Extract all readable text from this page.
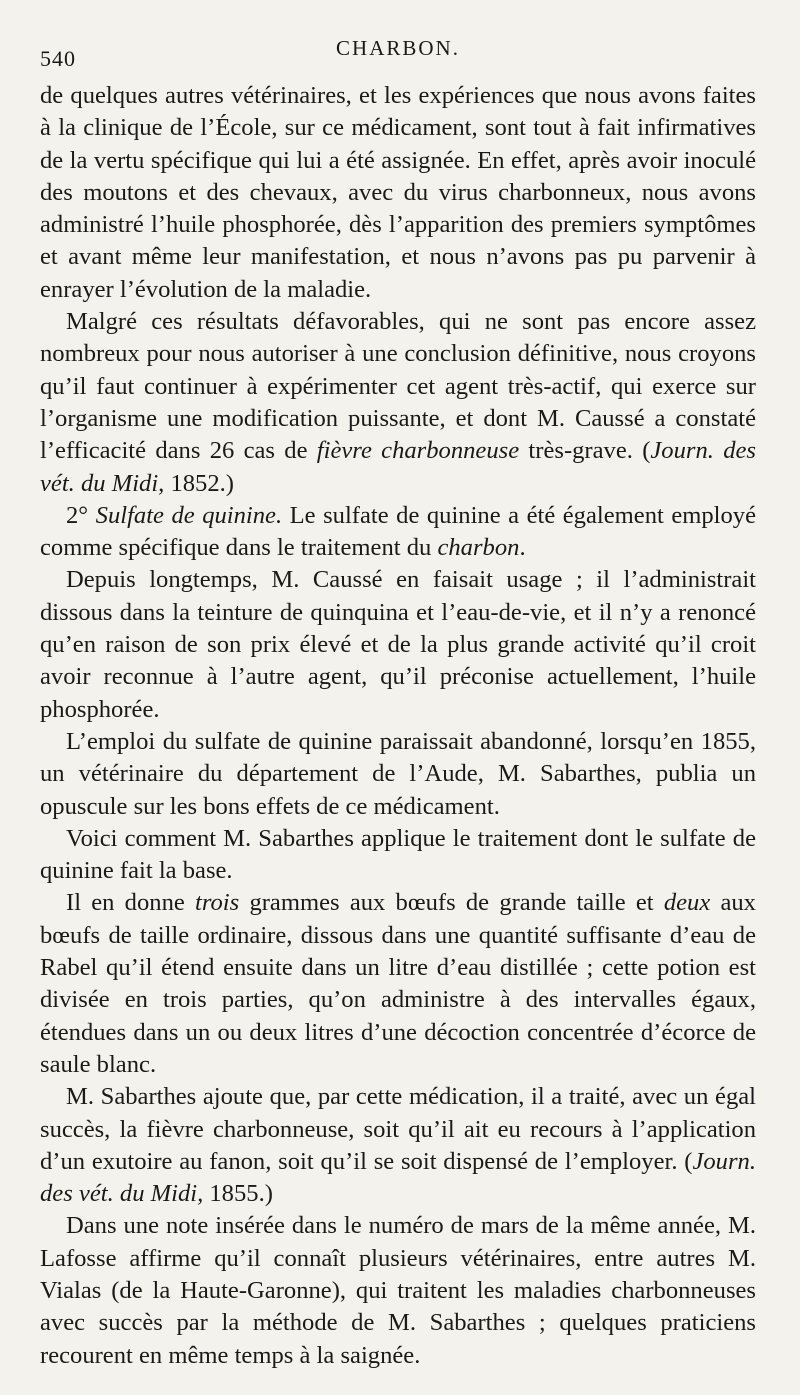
540	CHARBON.

de quelques autres vétérinaires, et les expériences que nous avons faites à la clinique de l’École, sur ce médicament, sont tout à fait infirmatives de la vertu spécifique qui lui a été assignée. En effet, après avoir inoculé des moutons et des chevaux, avec du virus charbonneux, nous avons administré l’huile phosphorée, dès l’apparition des premiers symptômes et avant même leur manifestation, et nous n’avons pas pu parvenir à enrayer l’évolution de la maladie.

Malgré ces résultats défavorables, qui ne sont pas encore assez nombreux pour nous autoriser à une conclusion définitive, nous croyons qu’il faut continuer à expérimenter cet agent très-actif, qui exerce sur l’organisme une modification puissante, et dont M. Caussé a constaté l’efficacité dans 26 cas de fièvre charbonneuse très-grave. (Journ. des vét. du Midi, 1852.)

2° Sulfate de quinine. Le sulfate de quinine a été également employé comme spécifique dans le traitement du charbon.

Depuis longtemps, M. Caussé en faisait usage ; il l’administrait dissous dans la teinture de quinquina et l’eau-de-vie, et il n’y a renoncé qu’en raison de son prix élevé et de la plus grande activité qu’il croit avoir reconnue à l’autre agent, qu’il préconise actuellement, l’huile phosphorée.

L’emploi du sulfate de quinine paraissait abandonné, lorsqu’en 1855, un vétérinaire du département de l’Aude, M. Sabarthes, publia un opuscule sur les bons effets de ce médicament.

Voici comment M. Sabarthes applique le traitement dont le sulfate de quinine fait la base.

Il en donne trois grammes aux bœufs de grande taille et deux aux bœufs de taille ordinaire, dissous dans une quantité suffisante d’eau de Rabel qu’il étend ensuite dans un litre d’eau distillée ; cette potion est divisée en trois parties, qu’on administre à des intervalles égaux, étendues dans un ou deux litres d’une décoction concentrée d’écorce de saule blanc.

M. Sabarthes ajoute que, par cette médication, il a traité, avec un égal succès, la fièvre charbonneuse, soit qu’il ait eu recours à l’application d’un exutoire au fanon, soit qu’il se soit dispensé de l’employer. (Journ. des vét. du Midi, 1855.)

Dans une note insérée dans le numéro de mars de la même année, M. Lafosse affirme qu’il connaît plusieurs vétérinaires, entre autres M. Vialas (de la Haute-Garonne), qui traitent les maladies charbonneuses avec succès par la méthode de M. Sabarthes ; quelques praticiens recourent en même temps à la saignée.
